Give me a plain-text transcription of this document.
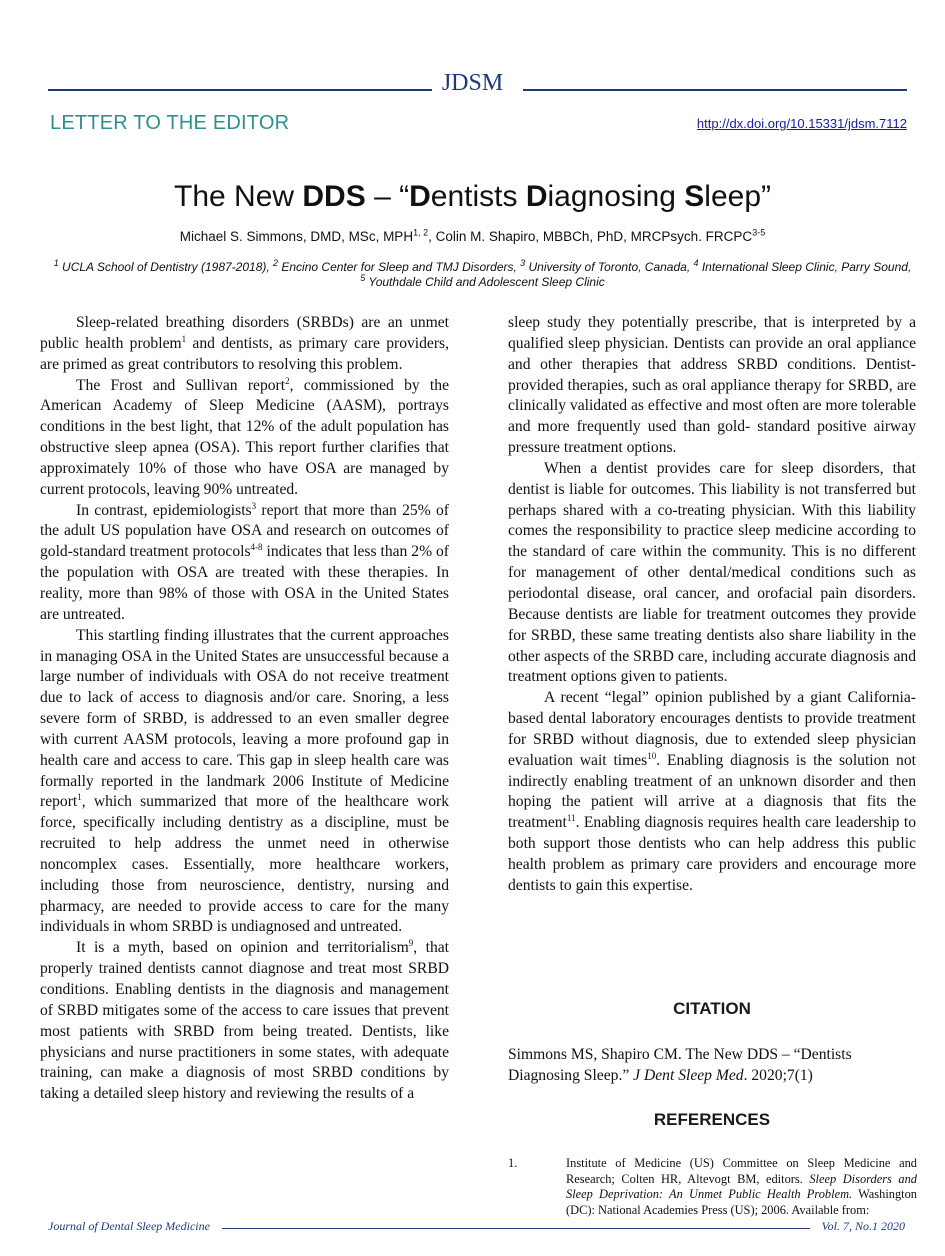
JDSM
LETTER TO THE EDITOR	http://dx.doi.org/10.15331/jdsm.7112
The New DDS – “Dentists Diagnosing Sleep”
Michael S. Simmons, DMD, MSc, MPH$^{1, 2}$, Colin M. Shapiro, MBBCh, PhD, MRCPsych. FRCPC$^{3-5}$
$^1$ UCLA School of Dentistry (1987-2018), $^2$ Encino Center for Sleep and TMJ Disorders, $^3$ University of Toronto, Canada, $^4$ International Sleep Clinic, Parry Sound, $^5$ Youthdale Child and Adolescent Sleep Clinic

Sleep-related breathing disorders (SRBDs) are an unmet public health problem$^1$ and dentists, as primary care providers, are primed as great contributors to resolving this problem.

The Frost and Sullivan report$^2$, commissioned by the American Academy of Sleep Medicine (AASM), portrays conditions in the best light, that 12% of the adult population has obstructive sleep apnea (OSA). This report further clarifies that approximately 10% of those who have OSA are managed by current protocols, leaving 90% untreated.

In contrast, epidemiologists$^3$ report that more than 25% of the adult US population have OSA and research on outcomes of gold-standard treatment protocols$^{4-8}$ indicates that less than 2% of the population with OSA are treated with these therapies. In reality, more than 98% of those with OSA in the United States are untreated.

This startling finding illustrates that the current approaches in managing OSA in the United States are unsuccessful because a large number of individuals with OSA do not receive treatment due to lack of access to diagnosis and/or care. Snoring, a less severe form of SRBD, is addressed to an even smaller degree with current AASM protocols, leaving a more profound gap in health care and access to care. This gap in sleep health care was formally reported in the landmark 2006 Institute of Medicine report$^1$, which summarized that more of the healthcare work force, specifically including dentistry as a discipline, must be recruited to help address the unmet need in otherwise noncomplex cases. Essentially, more healthcare workers, including those from neuroscience, dentistry, nursing and pharmacy, are needed to provide access to care for the many individuals in whom SRBD is undiagnosed and untreated.

It is a myth, based on opinion and territorialism$^9$, that properly trained dentists cannot diagnose and treat most SRBD conditions. Enabling dentists in the diagnosis and management of SRBD mitigates some of the access to care issues that prevent most patients with SRBD from being treated. Dentists, like physicians and nurse practitioners in some states, with adequate training, can make a diagnosis of most SRBD conditions by taking a detailed sleep history and reviewing the results of a

sleep study they potentially prescribe, that is interpreted by a qualified sleep physician. Dentists can provide an oral appliance and other therapies that address SRBD conditions. Dentist-provided therapies, such as oral appliance therapy for SRBD, are clinically validated as effective and most often are more tolerable and more frequently used than gold- standard positive airway pressure treatment options.

When a dentist provides care for sleep disorders, that dentist is liable for outcomes. This liability is not transferred but perhaps shared with a co-treating physician. With this liability comes the responsibility to practice sleep medicine according to the standard of care within the community. This is no different for management of other dental/medical conditions such as periodontal disease, oral cancer, and orofacial pain disorders. Because dentists are liable for treatment outcomes they provide for SRBD, these same treating dentists also share liability in the other aspects of the SRBD care, including accurate diagnosis and treatment options given to patients.

A recent “legal” opinion published by a giant California-based dental laboratory encourages dentists to provide treatment for SRBD without diagnosis, due to extended sleep physician evaluation wait times$^{10}$. Enabling diagnosis is the solution not indirectly enabling treatment of an unknown disorder and then hoping the patient will arrive at a diagnosis that fits the treatment$^{11}$. Enabling diagnosis requires health care leadership to both support those dentists who can help address this public health problem as primary care providers and encourage more dentists to gain this expertise.

CITATION
Simmons MS, Shapiro CM. The New DDS – “Dentists Diagnosing Sleep.” J Dent Sleep Med. 2020;7(1)
REFERENCES
1.	Institute of Medicine (US) Committee on Sleep Medicine and Research; Colten HR, Altevogt BM, editors. Sleep Disorders and Sleep Deprivation: An Unmet Public Health Problem. Washington (DC): National Academies Press (US); 2006. Available from:
Journal of Dental Sleep Medicine	Vol. 7, No.1 2020
